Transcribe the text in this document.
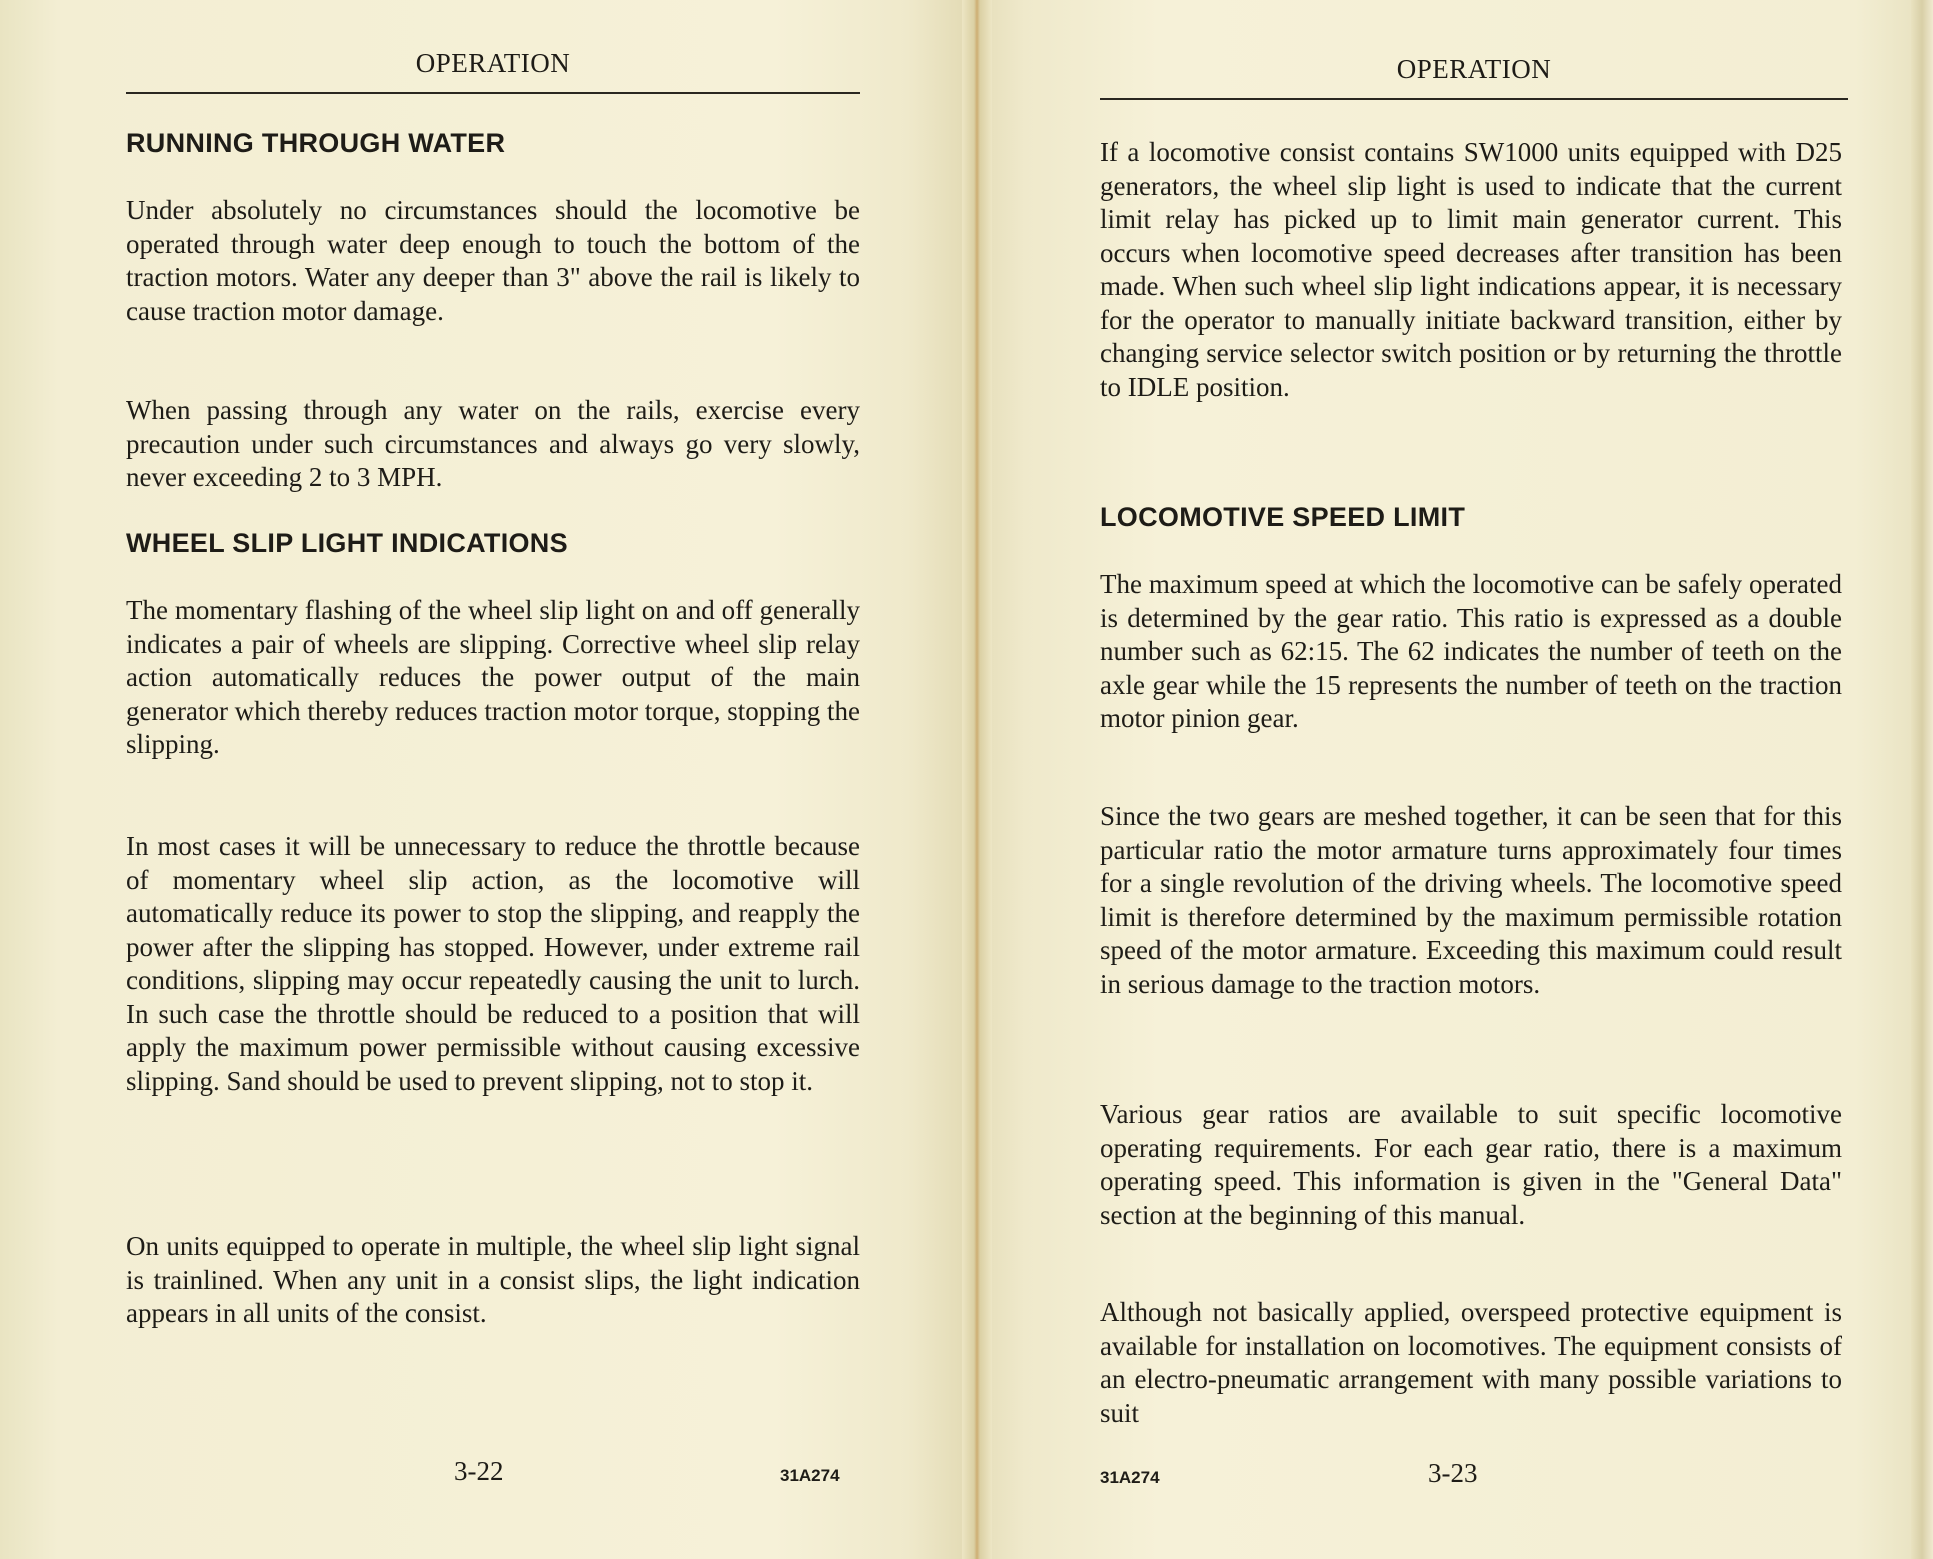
OPERATION
RUNNING THROUGH WATER

Under absolutely no circumstances should the locomotive be operated through water deep enough to touch the bottom of the traction motors. Water any deeper than 3" above the rail is likely to cause traction motor damage.

When passing through any water on the rails, exercise every precaution under such circumstances and always go very slowly, never exceeding 2 to 3 MPH.

WHEEL SLIP LIGHT INDICATIONS

The momentary flashing of the wheel slip light on and off generally indicates a pair of wheels are slipping. Corrective wheel slip relay action automatically reduces the power output of the main generator which thereby reduces traction motor torque, stopping the slipping.

In most cases it will be unnecessary to reduce the throttle because of momentary wheel slip action, as the locomotive will automatically reduce its power to stop the slipping, and reapply the power after the slipping has stopped. However, under extreme rail conditions, slipping may occur repeatedly causing the unit to lurch. In such case the throttle should be reduced to a position that will apply the maximum power permissible without causing excessive slipping. Sand should be used to prevent slipping, not to stop it.

On units equipped to operate in multiple, the wheel slip light signal is trainlined. When any unit in a consist slips, the light indication appears in all units of the consist.

3-22	31A274
OPERATION

If a locomotive consist contains SW1000 units equipped with D25 generators, the wheel slip light is used to indicate that the current limit relay has picked up to limit main generator current. This occurs when locomotive speed decreases after transition has been made. When such wheel slip light indications appear, it is necessary for the operator to manually initiate backward transition, either by changing service selector switch position or by returning the throttle to IDLE position.

LOCOMOTIVE SPEED LIMIT

The maximum speed at which the locomotive can be safely operated is determined by the gear ratio. This ratio is expressed as a double number such as 62:15. The 62 indicates the number of teeth on the axle gear while the 15 represents the number of teeth on the traction motor pinion gear.

Since the two gears are meshed together, it can be seen that for this particular ratio the motor armature turns approximately four times for a single revolution of the driving wheels. The locomotive speed limit is therefore determined by the maximum permissible rotation speed of the motor armature. Exceeding this maximum could result in serious damage to the traction motors.

Various gear ratios are available to suit specific locomotive operating requirements. For each gear ratio, there is a maximum operating speed. This information is given in the "General Data" section at the beginning of this manual.

Although not basically applied, overspeed protective equipment is available for installation on locomotives. The equipment consists of an electro-pneumatic arrangement with many possible variations to suit

31A274	3-23
